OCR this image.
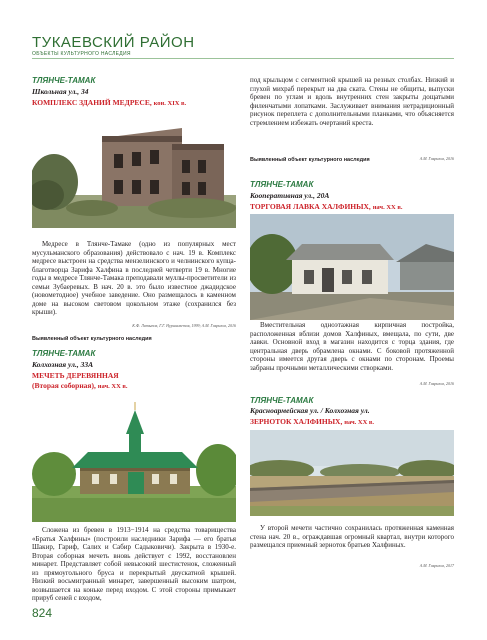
ТУКАЕВСКИЙ РАЙОН
ОБЪЕКТЫ КУЛЬТУРНОГО НАСЛЕДИЯ
ТЛЯНЧЕ-ТАМАК
Школьная ул., 34
КОМПЛЕКС ЗДАНИЙ МЕДРЕСЕ, кон. XIX в.
Медресе в Тлянче-Тамаке (одно из популярных мест мусульманского образования) действовало с нач. 19 в. Комплекс медресе выстроен на средства мензелинского и челнинского купца-благотворца Зарифа Халфина в последней четверти 19 в. Многие годы в медресе Тлянче-Тамака преподавали муллы-просветители из семьи Зубаеревых. В нач. 20 в. это было известное джадидское (новометодное) учебное заведение. Оно размещалось в каменном доме на высоком световом цокольном этаже (сохранился без крыши).
К.Ф. Латыпов, Г.Г. Нуриахметов, 1999; А.М. Гаврилов, 2016
Выявленный объект культурного наследия
ТЛЯНЧЕ-ТАМАК
Колхозная ул., 33А
МЕЧЕТЬ ДЕРЕВЯННАЯ
(Вторая соборная), нач. XX в.
Сложена из бревен в 1913−1914 на средства товарищества «Братья Халфины» (построили наследники Зарифа — его братья Шакир, Гариф, Салих и Сабир Садыковичи). Закрыта в 1930-е. Вторая соборная мечеть вновь действует с 1992, восстановлен минарет. Представляет собой невысокий шестистенок, сложенный из прямоугольного бруса и перекрытый двускатной крышей. Низкий восьмигранный минарет, завершенный высоким шатром, возвышается на коньке перед входом. С этой стороны примыкает прируб сеней с входом,
под крыльцом с сегментной крышей на резных столбах. Низкий и глухой михраб перекрыт на два ската. Стены не общиты, выпуски бревен по углам и вдоль внутренних стен закрыты дощатыми филенчатыми лопатками. Заслуживает внимания нетрадиционный рисунок переплета с дополнительными планками, что объясняется стремлением избежать очертаний креста.
А.М. Гаврилов, 2016
Выявленный объект культурного наследия
ТЛЯНЧЕ-ТАМАК
Кооперативная ул., 20А
ТОРГОВАЯ ЛАВКА ХАЛФИНЫХ, нач. XX в.
Вместительная одноэтажная кирпичная постройка, расположенная вблизи домов Халфиных, вмещала, по сути, две лавки. Основной вход в магазин находится с торца здания, где центральная дверь обрамлена окнами. С боковой протяженной стороны имеется другая дверь с окнами по сторонам. Проемы забраны прочными металлическими створками.
А.М. Гаврилов, 2016
ТЛЯНЧЕ-ТАМАК
Красноармейская ул. / Колхозная ул.
ЗЕРНОТОК ХАЛФИНЫХ, нач. XX в.
У второй мечети частично сохранилась протяженная каменная стена нач. 20 в., ограждавшая огромный квартал, внутри которого размещался приемный зерноток братьев Халфиных.
А.М. Гаврилов, 2017
824
